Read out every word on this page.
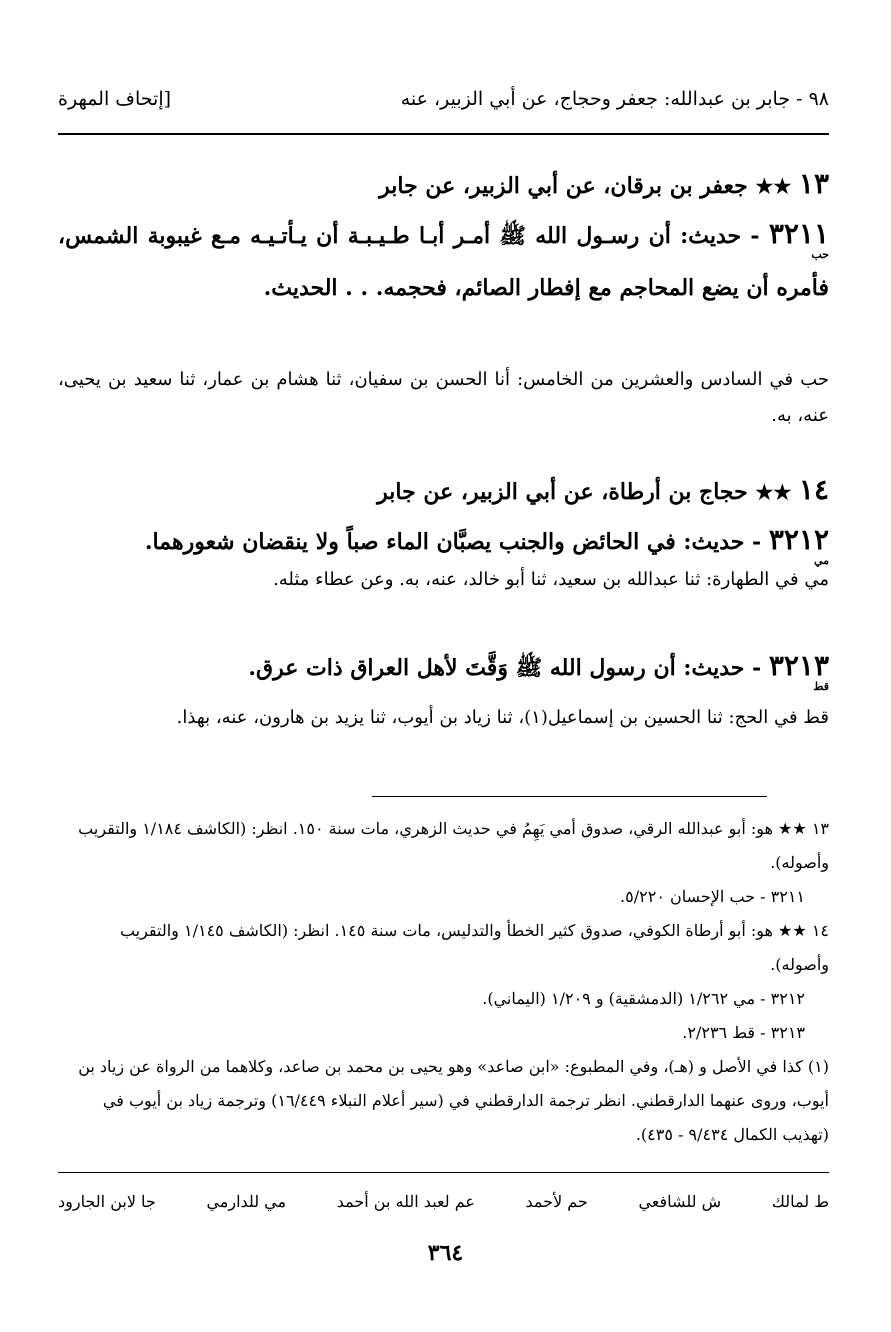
٩٨ - جابر بن عبدالله: جعفر وحجاج، عن أبي الزبير، عنه
[إتحاف المهرة
١٣ ★★ جعفر بن برقان، عن أبي الزبير، عن جابر
٣٢١١ - حديث: أن رسـول الله ﷺ أمـر أبـا طـيـبـة أن يـأتـيـه مـع غيبوبة الشمس، فأمره أن يضع المحاجم مع إفطار الصائم، فحجمه. . . الحديث.
حب
حب في السادس والعشرين من الخامس: أنا الحسن بن سفيان، ثنا هشام بن عمار، ثنا سعيد بن يحيى، عنه، به.
١٤ ★★ حجاج بن أرطاة، عن أبي الزبير، عن جابر
٣٢١٢ - حديث: في الحائض والجنب يصبَّان الماء صباً ولا ينقضان شعورهما.
مي
مي في الطهارة: ثنا عبدالله بن سعيد، ثنا أبو خالد، عنه، به. وعن عطاء مثله.
٣٢١٣ - حديث: أن رسول الله ﷺ وَقَّتَ لأهل العراق ذات عرق.
قط
قط في الحج: ثنا الحسين بن إسماعيل(١)، ثنا زياد بن أيوب، ثنا يزيد بن هارون، عنه، بهذا.
١٣ ★★ هو: أبو عبدالله الرقي، صدوق أمي يَهِمُ في حديث الزهري، مات سنة ١٥٠. انظر: (الكاشف ١/١٨٤ والتقريب وأصوله).
٣٢١١ - حب الإحسان ٥/٢٢٠.
١٤ ★★ هو: أبو أرطاة الكوفي، صدوق كثير الخطأ والتدليس، مات سنة ١٤٥. انظر: (الكاشف ١/١٤٥ والتقريب وأصوله).
٣٢١٢ - مي ١/٢٦٢ (الدمشقية) و ١/٢٠٩ (اليماني).
٣٢١٣ - قط ٢/٢٣٦.
(١) كذا في الأصل و (هـ)، وفي المطبوع: «ابن صاعد» وهو يحيى بن محمد بن صاعد، وكلاهما من الرواة عن زياد بن أيوب، وروى عنهما الدارقطني. انظر ترجمة الدارقطني في (سير أعلام النبلاء ١٦/٤٤٩) وترجمة زياد بن أيوب في (تهذيب الكمال ٩/٤٣٤ - ٤٣٥).
ط لمالك
ش للشافعي
حم لأحمد
عم لعبد الله بن أحمد
مي للدارمي
جا لابن الجارود
٣٦٤
